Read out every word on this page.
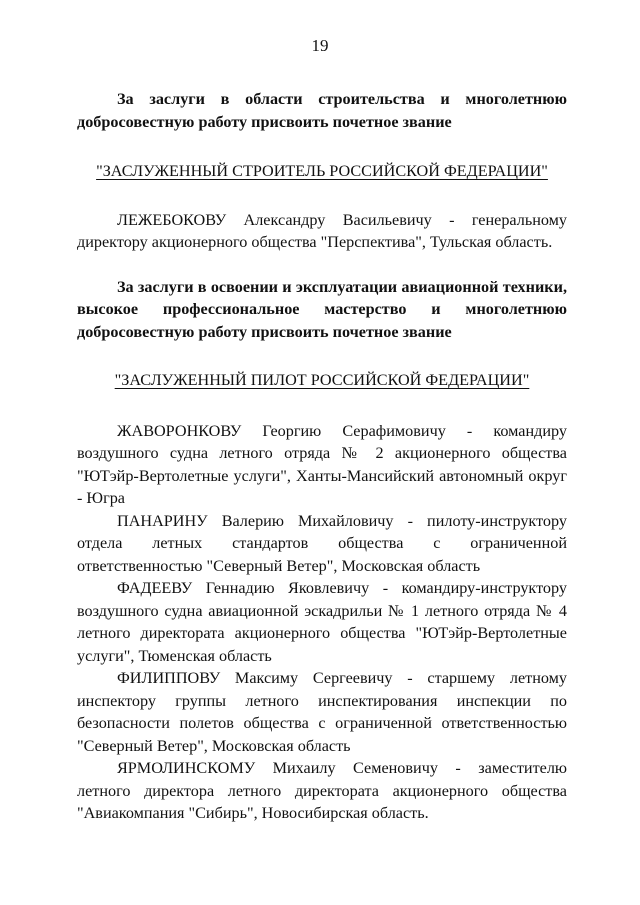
19

За заслуги в области строительства и многолетнюю добросовестную работу присвоить почетное звание

"ЗАСЛУЖЕННЫЙ СТРОИТЕЛЬ РОССИЙСКОЙ ФЕДЕРАЦИИ"

ЛЕЖЕБОКОВУ Александру Васильевичу - генеральному директору акционерного общества "Перспектива", Тульская область.

За заслуги в освоении и эксплуатации авиационной техники, высокое профессиональное мастерство и многолетнюю добросовестную работу присвоить почетное звание

"ЗАСЛУЖЕННЫЙ ПИЛОТ РОССИЙСКОЙ ФЕДЕРАЦИИ"

ЖАВОРОНКОВУ Георгию Серафимовичу - командиру воздушного судна летного отряда № 2 акционерного общества "ЮТэйр-Вертолетные услуги", Ханты-Мансийский автономный округ - Югра

ПАНАРИНУ Валерию Михайловичу - пилоту-инструктору отдела летных стандартов общества с ограниченной ответственностью "Северный Ветер", Московская область

ФАДЕЕВУ Геннадию Яковлевичу - командиру-инструктору воздушного судна авиационной эскадрильи № 1 летного отряда № 4 летного директората акционерного общества "ЮТэйр-Вертолетные услуги", Тюменская область

ФИЛИППОВУ Максиму Сергеевичу - старшему летному инспектору группы летного инспектирования инспекции по безопасности полетов общества с ограниченной ответственностью "Северный Ветер", Московская область

ЯРМОЛИНСКОМУ Михаилу Семеновичу - заместителю летного директора летного директората акционерного общества "Авиакомпания "Сибирь", Новосибирская область.
